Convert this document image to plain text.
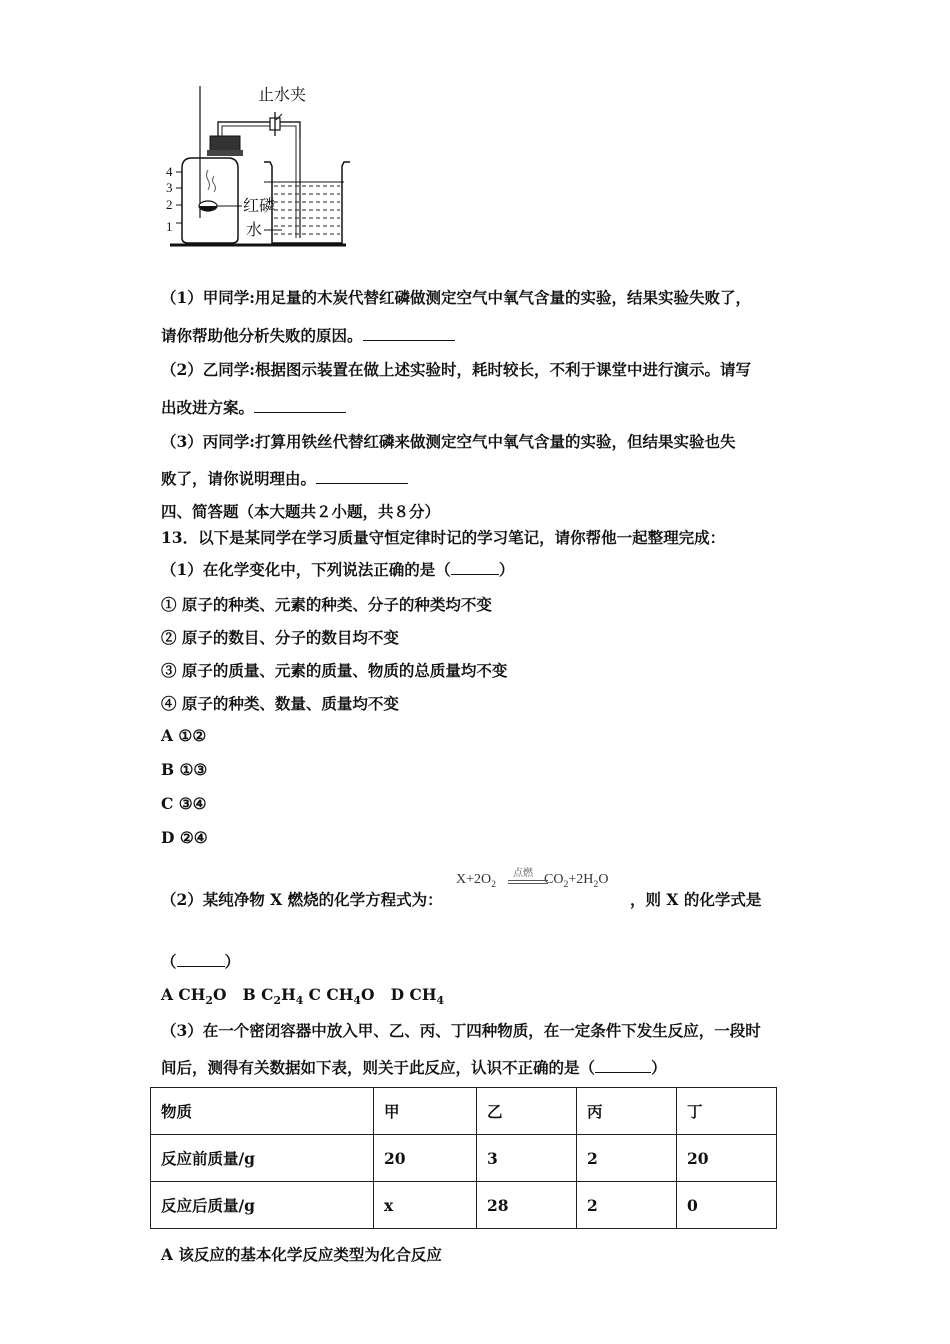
止水夹
红磷
4
3
2
1	水
（1）甲同学:用足量的木炭代替红磷做测定空气中氧气含量的实验，结果实验失败了，
请你帮助他分析失败的原因。
（2）乙同学:根据图示装置在做上述实验时，耗时较长，不利于课堂中进行演示。请写
出改进方案。
（3）丙同学:打算用铁丝代替红磷来做测定空气中氧气含量的实验，但结果实验也失
败了，请你说明理由。
四、简答题（本大题共２小题，共８分）
13．以下是某同学在学习质量守恒定律时记的学习笔记，请你帮他一起整理完成：
（1）在化学变化中，下列说法正确的是（	）
① 原子的种类、元素的种类、分子的种类均不变
② 原子的数目、分子的数目均不变
③ 原子的质量、元素的质量、物质的总质量均不变
④ 原子的种类、数量、质量均不变
A ①②
B ①③
C ③④
D ②④
（2）某纯净物 X 燃烧的化学方程式为：
点燃
$X+2O_2$	$CO_2+2H_2O$
，则 X 的化学式是
（	）
A $CH_2O$ B $C_2H_4$ C $CH_4O$ D $CH_4$
（3）在一个密闭容器中放入甲、乙、丙、丁四种物质，在一定条件下发生反应，一段时
间后，测得有关数据如下表，则关于此反应，认识不正确的是（	）
物质	甲	乙	丙	丁
反应前质量/g	20	3	2	20
反应后质量/g	x	28	2	0
A 该反应的基本化学反应类型为化合反应
